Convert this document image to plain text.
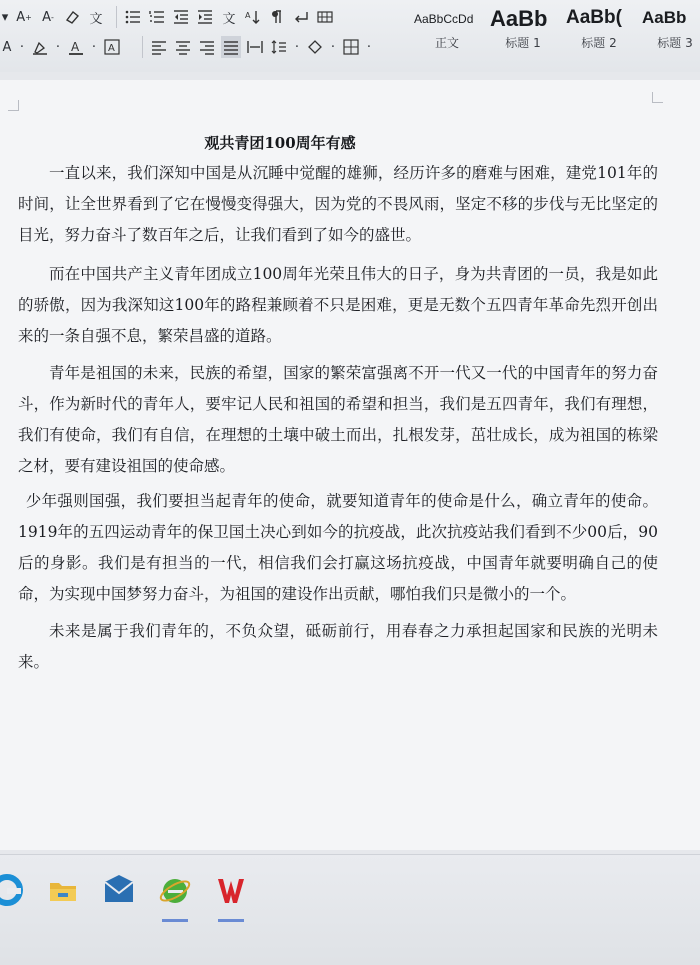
▾ A + A -	文	文	A
A · · A · A	· · ·
AaBbCcDd
正文
AaBb
标题 1
AaBb(
标题 2
AaBb
标题 3
观共青团100周年有感

一直以来，我们深知中国是从沉睡中觉醒的雄狮，经历许多的磨难与困难，建党101年的时间，让全世界看到了它在慢慢变得强大，因为党的不畏风雨，坚定不移的步伐与无比坚定的目光，努力奋斗了数百年之后，让我们看到了如今的盛世。

而在中国共产主义青年团成立100周年光荣且伟大的日子，身为共青团的一员，我是如此的骄傲，因为我深知这100年的路程兼顾着不只是困难，更是无数个五四青年革命先烈开创出来的一条自强不息，繁荣昌盛的道路。

青年是祖国的未来，民族的希望，国家的繁荣富强离不开一代又一代的中国青年的努力奋斗，作为新时代的青年人，要牢记人民和祖国的希望和担当，我们是五四青年，我们有理想，我们有使命，我们有自信，在理想的土壤中破土而出，扎根发芽，茁壮成长，成为祖国的栋梁之材，要有建设祖国的使命感。

少年强则国强，我们要担当起青年的使命，就要知道青年的使命是什么，确立青年的使命。1919年的五四运动青年的保卫国土决心到如今的抗疫战，此次抗疫站我们看到不少00后，90后的身影。我们是有担当的一代，相信我们会打赢这场抗疫战，中国青年就要明确自己的使命，为实现中国梦努力奋斗，为祖国的建设作出贡献，哪怕我们只是微小的一个。

未来是属于我们青年的，不负众望，砥砺前行，用春春之力承担起国家和民族的光明未来。
